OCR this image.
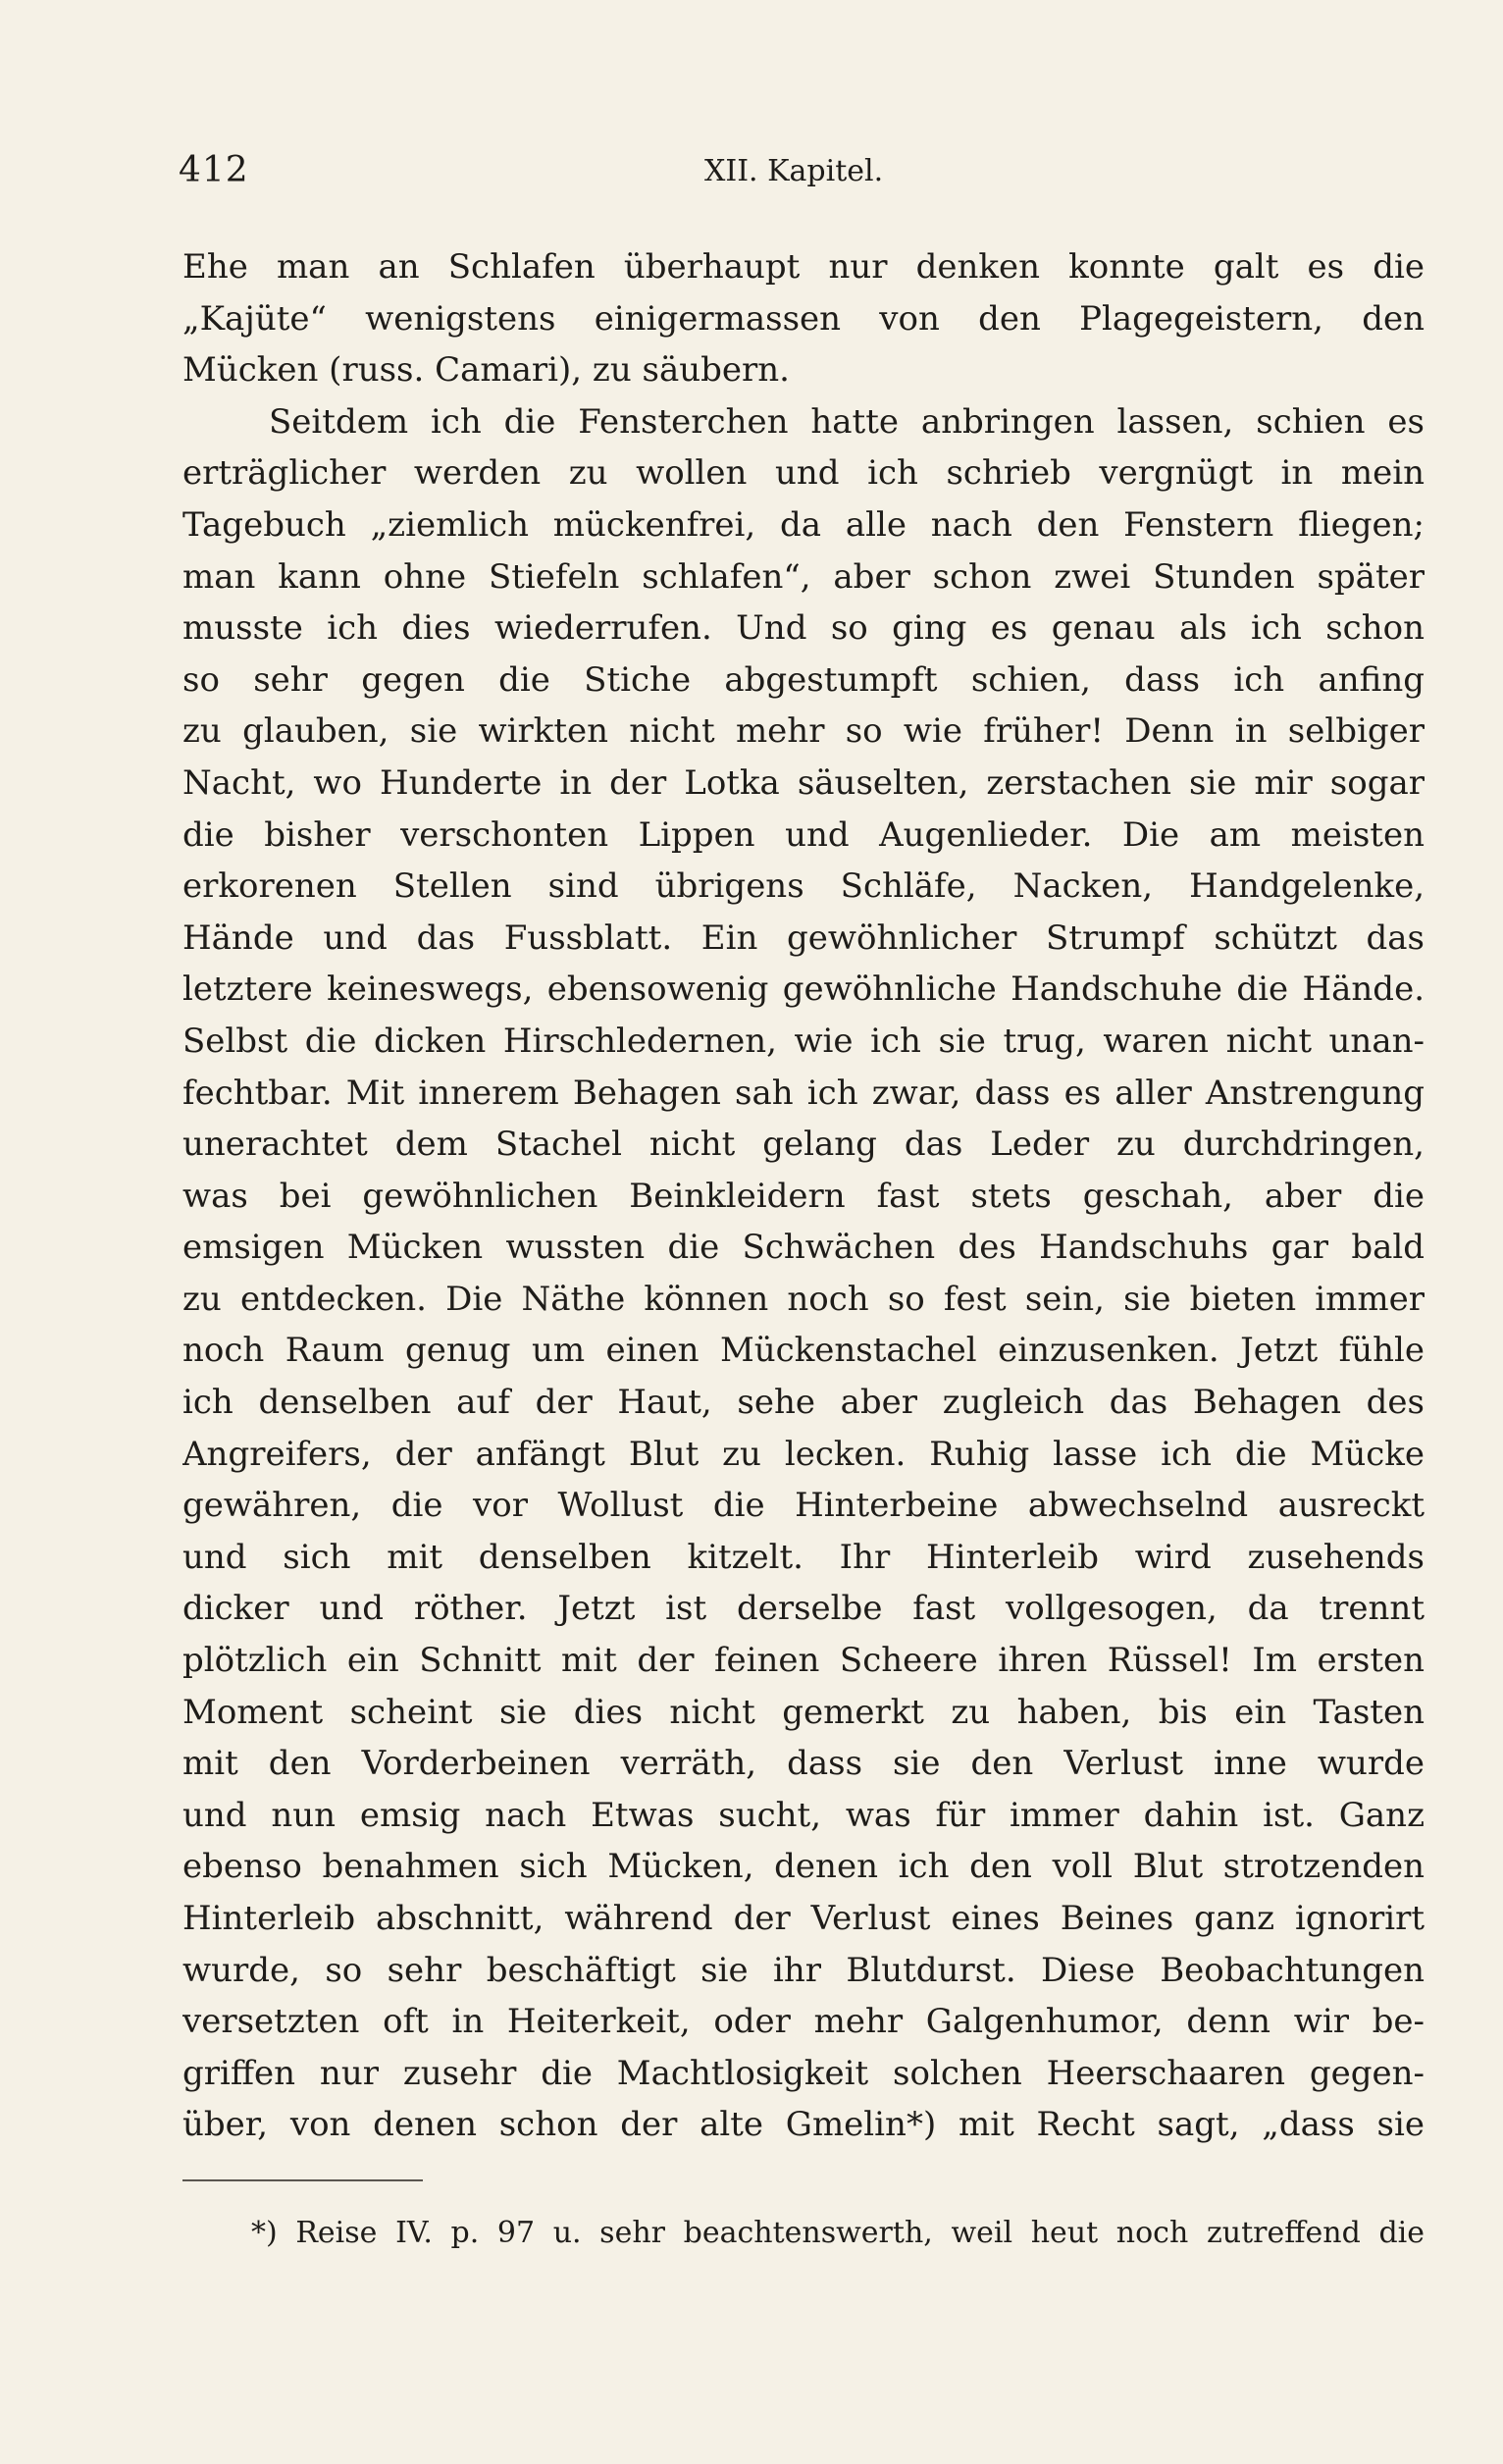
412	XII. Kapitel.
Ehe man an Schlafen überhaupt nur denken konnte galt es die
„Kajüte“ wenigstens einigermassen von den Plagegeistern, den
Mücken (russ. Camari), zu säubern.
Seitdem ich die Fensterchen hatte anbringen lassen, schien es
erträglicher werden zu wollen und ich schrieb vergnügt in mein
Tagebuch „ziemlich mückenfrei, da alle nach den Fenstern fliegen;
man kann ohne Stiefeln schlafen“, aber schon zwei Stunden später
musste ich dies wiederrufen. Und so ging es genau als ich schon
so sehr gegen die Stiche abgestumpft schien, dass ich anfing
zu glauben, sie wirkten nicht mehr so wie früher! Denn in selbiger
Nacht, wo Hunderte in der Lotka säuselten, zerstachen sie mir sogar
die bisher verschonten Lippen und Augenlieder. Die am meisten
erkorenen Stellen sind übrigens Schläfe, Nacken, Handgelenke,
Hände und das Fussblatt. Ein gewöhnlicher Strumpf schützt das
letztere keineswegs, ebensowenig gewöhnliche Handschuhe die Hände.
Selbst die dicken Hirschledernen, wie ich sie trug, waren nicht unan-
fechtbar. Mit innerem Behagen sah ich zwar, dass es aller Anstrengung
unerachtet dem Stachel nicht gelang das Leder zu durchdringen,
was bei gewöhnlichen Beinkleidern fast stets geschah, aber die
emsigen Mücken wussten die Schwächen des Handschuhs gar bald
zu entdecken. Die Näthe können noch so fest sein, sie bieten immer
noch Raum genug um einen Mückenstachel einzusenken. Jetzt fühle
ich denselben auf der Haut, sehe aber zugleich das Behagen des
Angreifers, der anfängt Blut zu lecken. Ruhig lasse ich die Mücke
gewähren, die vor Wollust die Hinterbeine abwechselnd ausreckt
und sich mit denselben kitzelt. Ihr Hinterleib wird zusehends
dicker und röther. Jetzt ist derselbe fast vollgesogen, da trennt
plötzlich ein Schnitt mit der feinen Scheere ihren Rüssel! Im ersten
Moment scheint sie dies nicht gemerkt zu haben, bis ein Tasten
mit den Vorderbeinen verräth, dass sie den Verlust inne wurde
und nun emsig nach Etwas sucht, was für immer dahin ist. Ganz
ebenso benahmen sich Mücken, denen ich den voll Blut strotzenden
Hinterleib abschnitt, während der Verlust eines Beines ganz ignorirt
wurde, so sehr beschäftigt sie ihr Blutdurst. Diese Beobachtungen
versetzten oft in Heiterkeit, oder mehr Galgenhumor, denn wir be-
griffen nur zusehr die Machtlosigkeit solchen Heerschaaren gegen-
über, von denen schon der alte Gmelin*) mit Recht sagt, „dass sie
*) Reise IV. p. 97 u. sehr beachtenswerth, weil heut noch zutreffend die
